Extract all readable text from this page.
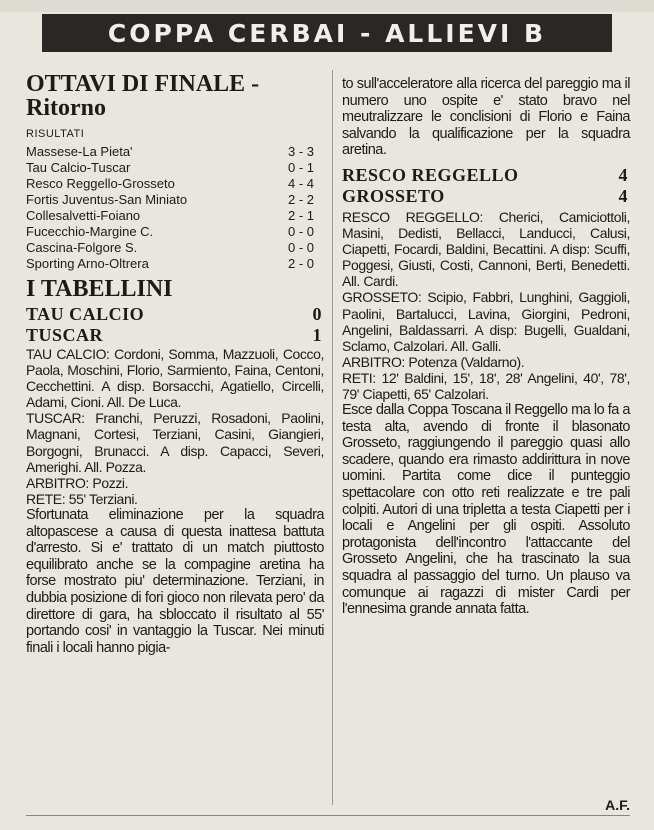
COPPA CERBAI - ALLIEVI B
OTTAVI DI FINALE -
Ritorno
RISULTATI
Massese-La Pieta'	3 - 3
Tau Calcio-Tuscar	0 - 1
Resco Reggello-Grosseto	4 - 4
Fortis Juventus-San Miniato	2 - 2
Collesalvetti-Foiano	2 - 1
Fucecchio-Margine C.	0 - 0
Cascina-Folgore S.	0 - 0
Sporting Arno-Oltrera	2 - 0
I TABELLINI
TAU CALCIO	0
TUSCAR	1

TAU CALCIO: Cordoni, Somma, Mazzuoli, Cocco, Paola, Moschini, Florio, Sarmiento, Faina, Centoni, Cecchettini. A disp. Borsacchi, Agatiello, Circelli, Adami, Cioni. All. De Luca.

TUSCAR: Franchi, Peruzzi, Rosadoni, Paolini, Magnani, Cortesi, Terziani, Casini, Giangieri, Borgogni, Brunacci. A disp. Capacci, Severi, Amerighi. All. Pozza.

ARBITRO: Pozzi.

RETE: 55' Terziani.

Sfortunata eliminazione per la squadra altopascese a causa di questa inattesa battuta d'arresto. Si e' trattato di un match piuttosto equilibrato anche se la compagine aretina ha forse mostrato piu' determinazione. Terziani, in dubbia posizione di fori gioco non rilevata pero' da direttore di gara, ha sbloccato il risultato al 55' portando cosi' in vantaggio la Tuscar. Nei minuti finali i locali hanno pigia-

to sull'acceleratore alla ricerca del pareggio ma il numero uno ospite e' stato bravo nel meutralizzare le conclisioni di Florio e Faina salvando la qualificazione per la squadra aretina.

RESCO REGGELLO	4
GROSSETO	4

RESCO REGGELLO: Cherici, Camiciottoli, Masini, Dedisti, Bellacci, Landucci, Calusi, Ciapetti, Focardi, Baldini, Becattini. A disp: Scuffi, Poggesi, Giusti, Costi, Cannoni, Berti, Benedetti. All. Cardi.

GROSSETO: Scipio, Fabbri, Lunghini, Gaggioli, Paolini, Bartalucci, Lavina, Giorgini, Pedroni, Angelini, Baldassarri. A disp: Bugelli, Gualdani, Sclamo, Calzolari. All. Galli.

ARBITRO: Potenza (Valdarno).

RETI: 12' Baldini, 15', 18', 28' Angelini, 40', 78', 79' Ciapetti, 65' Calzolari.

Esce dalla Coppa Toscana il Reggello ma lo fa a testa alta, avendo di fronte il blasonato Grosseto, raggiungendo il pareggio quasi allo scadere, quando era rimasto addirittura in nove uomini. Partita come dice il punteggio spettacolare con otto reti realizzate e tre pali colpiti. Autori di una tripletta a testa Ciapetti per i locali e Angelini per gli ospiti. Assoluto protagonista dell'incontro l'attaccante del Grosseto Angelini, che ha trascinato la sua squadra al passaggio del turno. Un plauso va comunque ai ragazzi di mister Cardi per l'ennesima grande annata fatta.

A.F.
